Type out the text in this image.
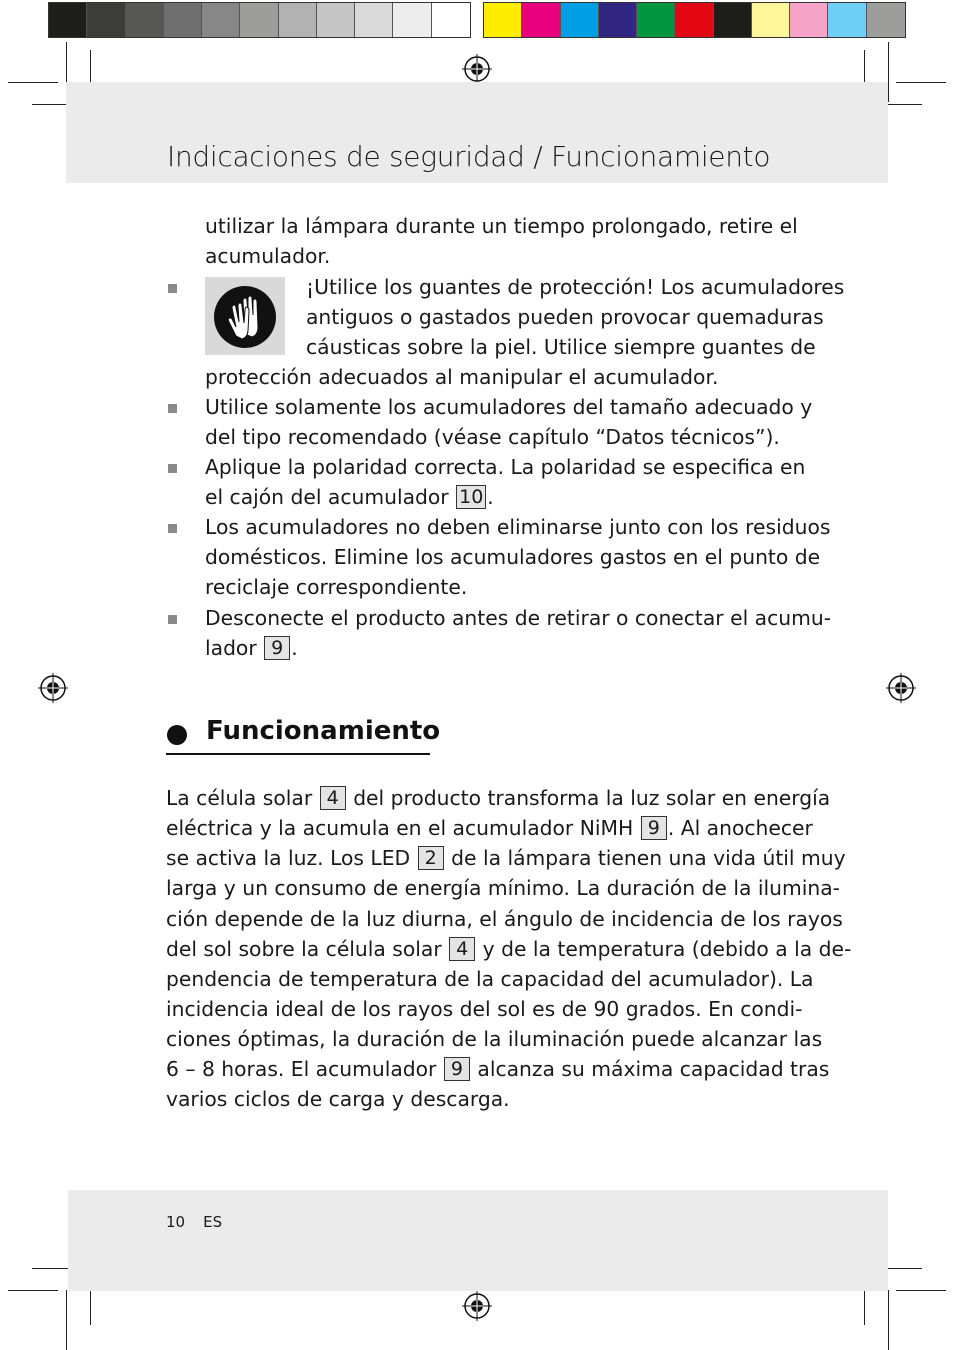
Indicaciones de seguridad / Funcionamiento
utilizar la lámpara durante un tiempo prolongado, retire el
acumulador.
¡Utilice los guantes de protección! Los acumuladores
antiguos o gastados pueden provocar quemaduras
cáusticas sobre la piel. Utilice siempre guantes de
protección adecuados al manipular el acumulador.
Utilice solamente los acumuladores del tamaño adecuado y
del tipo recomendado (véase capítulo “Datos técnicos”).
Aplique la polaridad correcta. La polaridad se especifica en
el cajón del acumulador 10 .
Los acumuladores no deben eliminarse junto con los residuos
domésticos. Elimine los acumuladores gastos en el punto de
reciclaje correspondiente.
Desconecte el producto antes de retirar o conectar el acumu-
lador 9 .
Funcionamiento
La célula solar 4 del producto transforma la luz solar en energía
eléctrica y la acumula en el acumulador NiMH 9 . Al anochecer
se activa la luz. Los LED 2 de la lámpara tienen una vida útil muy
larga y un consumo de energía mínimo. La duración de la ilumina-
ción depende de la luz diurna, el ángulo de incidencia de los rayos
del sol sobre la célula solar 4 y de la temperatura (debido a la de-
pendencia de temperatura de la capacidad del acumulador). La
incidencia ideal de los rayos del sol es de 90 grados. En condi-
ciones óptimas, la duración de la iluminación puede alcanzar las
6 – 8 horas. El acumulador 9 alcanza su máxima capacidad tras
varios ciclos de carga y descarga.
10 ES
